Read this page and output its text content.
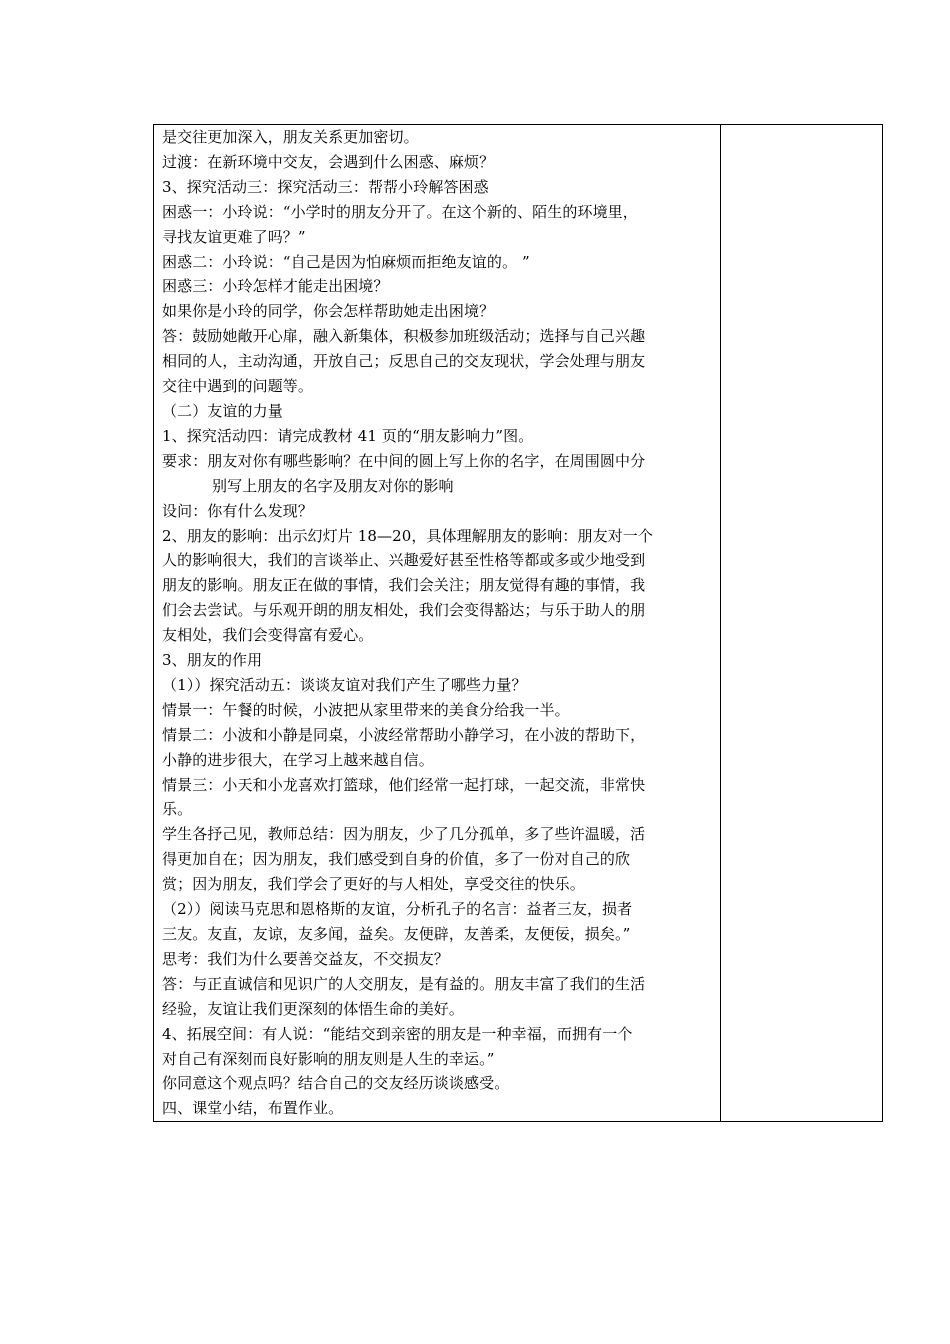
是交往更加深入，朋友关系更加密切。
过渡：在新环境中交友，会遇到什么困惑、麻烦？
3、探究活动三：探究活动三：帮帮小玲解答困惑
困惑一：小玲说：“小学时的朋友分开了。在这个新的、陌生的环境里，
寻找友谊更难了吗？”
困惑二：小玲说：“自己是因为怕麻烦而拒绝友谊的。 ”
困惑三：小玲怎样才能走出困境？
如果你是小玲的同学，你会怎样帮助她走出困境？
答：鼓励她敞开心扉，融入新集体，积极参加班级活动；选择与自己兴趣
相同的人，主动沟通，开放自己；反思自己的交友现状，学会处理与朋友
交往中遇到的问题等。
（二）友谊的力量
1、探究活动四：请完成教材 41 页的“朋友影响力”图。
要求：朋友对你有哪些影响？在中间的圆上写上你的名字，在周围圆中分
别写上朋友的名字及朋友对你的影响
设问：你有什么发现？
2、朋友的影响：出示幻灯片 18—20，具体理解朋友的影响：朋友对一个
人的影响很大，我们的言谈举止、兴趣爱好甚至性格等都或多或少地受到
朋友的影响。朋友正在做的事情，我们会关注；朋友觉得有趣的事情，我
们会去尝试。与乐观开朗的朋友相处，我们会变得豁达；与乐于助人的朋
友相处，我们会变得富有爱心。
3、朋友的作用
（1））探究活动五：谈谈友谊对我们产生了哪些力量？
情景一：午餐的时候，小波把从家里带来的美食分给我一半。
情景二：小波和小静是同桌，小波经常帮助小静学习，在小波的帮助下，
小静的进步很大，在学习上越来越自信。
情景三：小天和小龙喜欢打篮球，他们经常一起打球，一起交流，非常快
乐。
学生各抒己见，教师总结：因为朋友，少了几分孤单，多了些许温暖，活
得更加自在；因为朋友，我们感受到自身的价值，多了一份对自己的欣
赏；因为朋友，我们学会了更好的与人相处，享受交往的快乐。
（2））阅读马克思和恩格斯的友谊，分析孔子的名言：益者三友，损者
三友。友直，友谅，友多闻，益矣。友便辟，友善柔，友便佞，损矣。”
思考：我们为什么要善交益友，不交损友？
答：与正直诚信和见识广的人交朋友，是有益的。朋友丰富了我们的生活
经验，友谊让我们更深刻的体悟生命的美好。
4、拓展空间：有人说：“能结交到亲密的朋友是一种幸福，而拥有一个
对自己有深刻而良好影响的朋友则是人生的幸运。”
你同意这个观点吗？结合自己的交友经历谈谈感受。
四、课堂小结，布置作业。
